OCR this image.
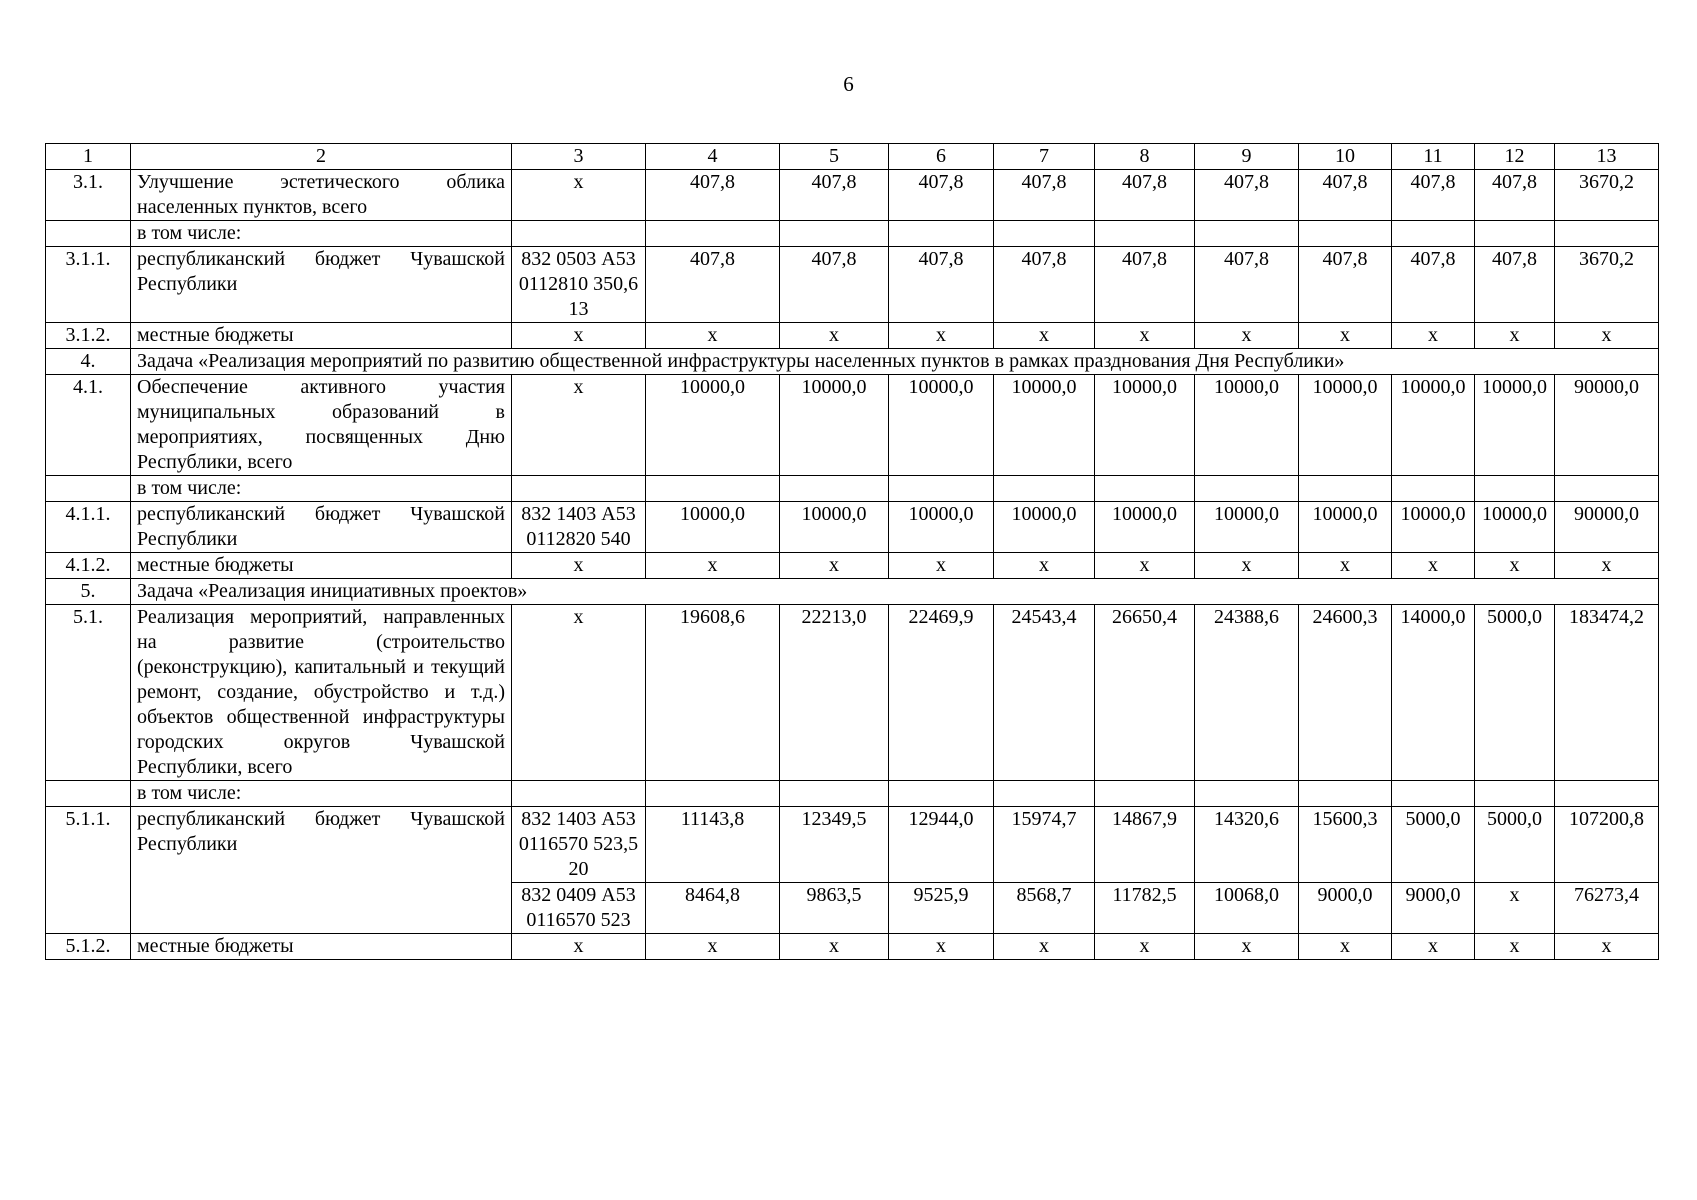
6
1	2	3	4	5	6	7	8	9	10	11	12	13
3.1.	Улучшение эстетического облика населенных пунктов, всего	x	407,8	407,8	407,8	407,8	407,8	407,8	407,8	407,8	407,8	3670,2
	в том числе:											
3.1.1.	республиканский бюджет Чувашской Республики	832 0503 А530112810 350,613	407,8	407,8	407,8	407,8	407,8	407,8	407,8	407,8	407,8	3670,2
3.1.2.	местные бюджеты	x	x	x	x	x	x	x	x	x	x	x
4.	Задача «Реализация мероприятий по развитию общественной инфраструктуры населенных пунктов в рамках празднования Дня Республики»											
4.1.	Обеспечение активного участия муниципальных образований в мероприятиях, посвященных Дню Республики, всего	x	10000,0	10000,0	10000,0	10000,0	10000,0	10000,0	10000,0	10000,0	10000,0	90000,0
	в том числе:											
4.1.1.	республиканский бюджет Чувашской Республики	832 1403 А530112820 540	10000,0	10000,0	10000,0	10000,0	10000,0	10000,0	10000,0	10000,0	10000,0	90000,0
4.1.2.	местные бюджеты	x	x	x	x	x	x	x	x	x	x	x
5.	Задача «Реализация инициативных проектов»											
5.1.	Реализация мероприятий, направленных на развитие (строительство (реконструкцию), капитальный и текущий ремонт, создание, обустройство и т.д.) объектов общественной инфраструктуры городских округов Чувашской Республики, всего	x	19608,6	22213,0	22469,9	24543,4	26650,4	24388,6	24600,3	14000,0	5000,0	183474,2
	в том числе:											
5.1.1.	республиканский бюджет Чувашской Республики	832 1403 А530116570 523,520	11143,8	12349,5	12944,0	15974,7	14867,9	14320,6	15600,3	5000,0	5000,0	107200,8
		832 0409 А530116570 523	8464,8	9863,5	9525,9	8568,7	11782,5	10068,0	9000,0	9000,0	x	76273,4
5.1.2.	местные бюджеты	x	x	x	x	x	x	x	x	x	x	x
